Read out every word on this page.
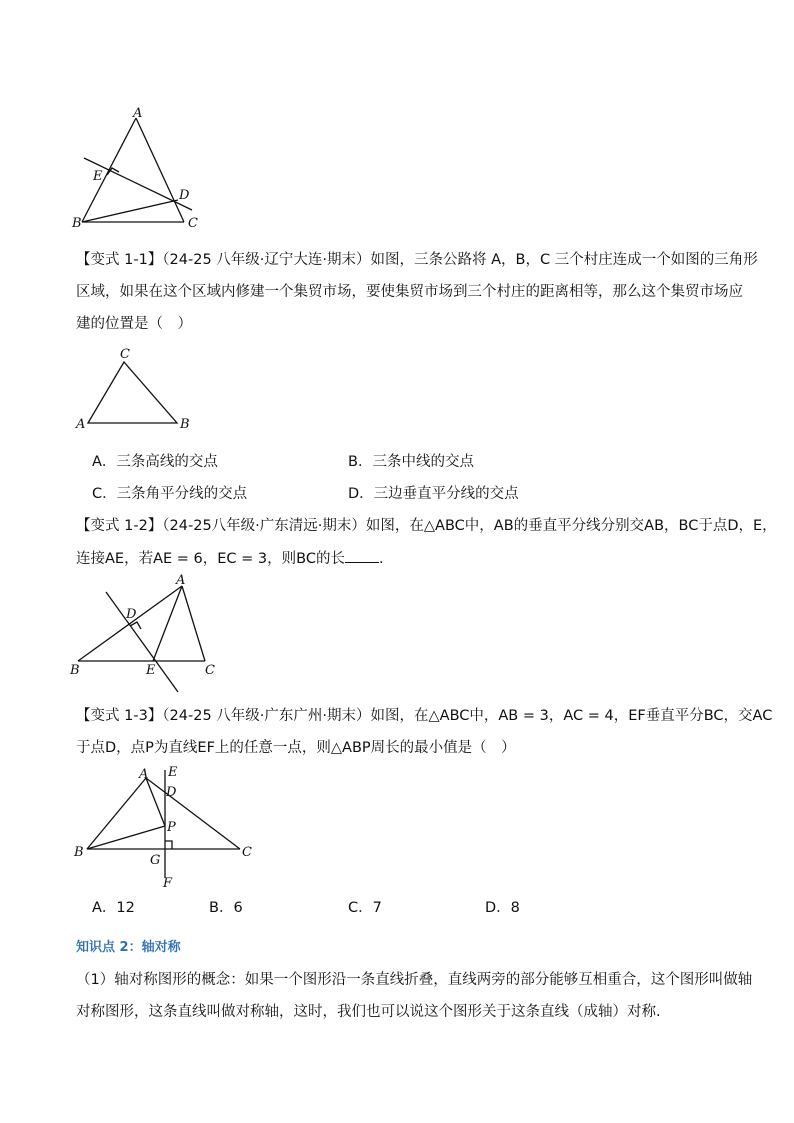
A
E
D
B	C
【变式 1-1】（24-25 八年级·辽宁大连·期末）如图，三条公路将 A，B，C 三个村庄连成一个如图的三角形
区域，如果在这个区域内修建一个集贸市场，要使集贸市场到三个村庄的距离相等，那么这个集贸市场应
建的位置是（　）
C
A	B
A．三条高线的交点	B．三条中线的交点
C．三条角平分线的交点	D．三边垂直平分线的交点
【变式 1-2】（24-25八年级·广东清远·期末）如图，在△ABC中，AB的垂直平分线分别交AB，BC于点D，E，
连接AE，若AE = 6，EC = 3，则BC的长 .
A
D
B	E	C
【变式 1-3】（24-25 八年级·广东广州·期末）如图，在△ABC中，AB = 3，AC = 4，EF垂直平分BC，交AC
于点D，点P为直线EF上的任意一点，则△ABP周长的最小值是（　）
A E
D
P
B
G
C
F
A．12	B．6	C．7	D．8
知识点 2：轴对称
（1）轴对称图形的概念：如果一个图形沿一条直线折叠，直线两旁的部分能够互相重合，这个图形叫做轴
对称图形，这条直线叫做对称轴，这时，我们也可以说这个图形关于这条直线（成轴）对称.
